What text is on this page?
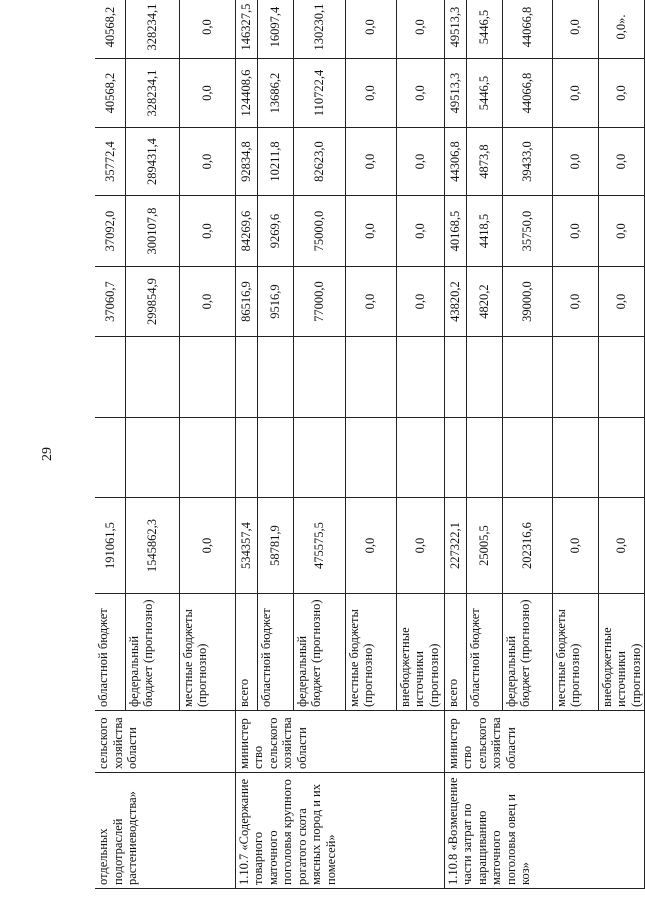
29
отдельных подотраслей растениеводства»	сельского хозяйства области	областной бюджет	191061,5			37060,7	37092,0	35772,4	40568,2	40568,2
		федеральный бюджет (прогнозно)	1545862,3			299854,9	300107,8	289431,4	328234,1	328234,1
		местные бюджеты (прогнозно)	0,0			0,0	0,0	0,0	0,0	0,0
1.10.7 «Содержание товарного маточного поголовья крупного рогатого скота мясных пород и их помесей»	министерство сельского хозяйства области	всего	534357,4			86516,9	84269,6	92834,8	124408,6	146327,5
		областной бюджет	58781,9			9516,9	9269,6	10211,8	13686,2	16097,4
		федеральный бюджет (прогнозно)	475575,5			77000,0	75000,0	82623,0	110722,4	130230,1
		местные бюджеты (прогнозно)	0,0			0,0	0,0	0,0	0,0	0,0
		внебюджетные источники (прогнозно)	0,0			0,0	0,0	0,0	0,0	0,0
1.10.8 «Возмещение части затрат по наращиванию маточного поголовья овец и коз»	министерство сельского хозяйства области	всего	227322,1			43820,2	40168,5	44306,8	49513,3	49513,3
		областной бюджет	25005,5			4820,2	4418,5	4873,8	5446,5	5446,5
		федеральный бюджет (прогнозно)	202316,6			39000,0	35750,0	39433,0	44066,8	44066,8
		местные бюджеты (прогнозно)	0,0			0,0	0,0	0,0	0,0	0,0
		внебюджетные источники (прогнозно)	0,0			0,0	0,0	0,0	0,0	0,0».
